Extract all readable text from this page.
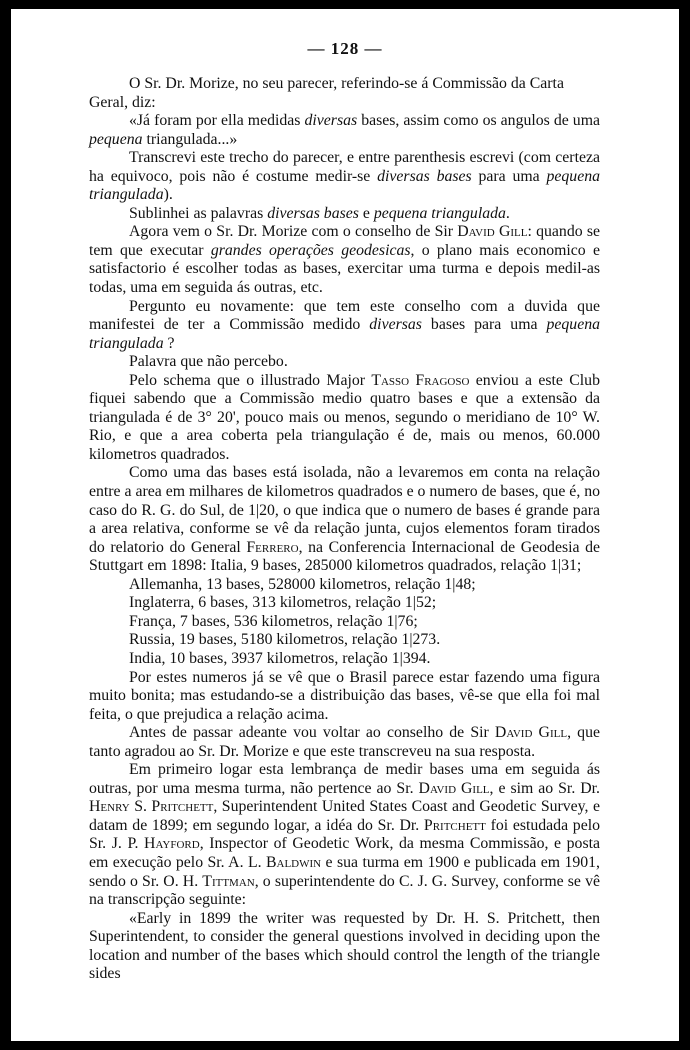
— 128 —

O Sr. Dr. Morize, no seu parecer, referindo-se á Commissão da Carta Geral, diz:

«Já foram por ella medidas diversas bases, assim como os angulos de uma pequena triangulada...»

Transcrevi este trecho do parecer, e entre parenthesis escrevi (com certeza ha equivoco, pois não é costume medir-se diversas bases para uma pequena triangulada).

Sublinhei as palavras diversas bases e pequena triangulada.

Agora vem o Sr. Dr. Morize com o conselho de Sir David Gill: quando se tem que executar grandes operações geodesicas, o plano mais economico e satisfactorio é escolher todas as bases, exercitar uma turma e depois medil-as todas, uma em seguida ás outras, etc.

Pergunto eu novamente: que tem este conselho com a duvida que manifestei de ter a Commissão medido diversas bases para uma pequena triangulada ?

Palavra que não percebo.

Pelo schema que o illustrado Major Tasso Fragoso enviou a este Club fiquei sabendo que a Commissão medio quatro bases e que a extensão da triangulada é de 3° 20', pouco mais ou menos, segundo o meridiano de 10° W. Rio, e que a area coberta pela triangulação é de, mais ou menos, 60.000 kilometros quadrados.

Como uma das bases está isolada, não a levaremos em conta na relação entre a area em milhares de kilometros quadrados e o numero de bases, que é, no caso do R. G. do Sul, de 1|20, o que indica que o numero de bases é grande para a area relativa, conforme se vê da relação junta, cujos elementos foram tirados do relatorio do General Ferrero, na Conferencia Internacional de Geodesia de Stuttgart em 1898: Italia, 9 bases, 285000 kilometros quadrados, relação 1|31;

Allemanha, 13 bases, 528000 kilometros, relação 1|48;

Inglaterra, 6 bases, 313 kilometros, relação 1|52;

França, 7 bases, 536 kilometros, relação 1|76;

Russia, 19 bases, 5180 kilometros, relação 1|273.

India, 10 bases, 3937 kilometros, relação 1|394.

Por estes numeros já se vê que o Brasil parece estar fazendo uma figura muito bonita; mas estudando-se a distribuição das bases, vê-se que ella foi mal feita, o que prejudica a relação acima.

Antes de passar adeante vou voltar ao conselho de Sir David Gill, que tanto agradou ao Sr. Dr. Morize e que este transcreveu na sua resposta.

Em primeiro logar esta lembrança de medir bases uma em seguida ás outras, por uma mesma turma, não pertence ao Sr. David Gill, e sim ao Sr. Dr. Henry S. Pritchett, Superintendent United States Coast and Geodetic Survey, e datam de 1899; em segundo logar, a idéa do Sr. Dr. Pritchett foi estudada pelo Sr. J. P. Hayford, Inspector of Geodetic Work, da mesma Commissão, e posta em execução pelo Sr. A. L. Baldwin e sua turma em 1900 e publicada em 1901, sendo o Sr. O. H. Tittman, o superintendente do C. J. G. Survey, conforme se vê na transcripção seguinte:

«Early in 1899 the writer was requested by Dr. H. S. Pritchett, then Superintendent, to consider the general questions involved in deciding upon the location and number of the bases which should control the length of the triangle sides
